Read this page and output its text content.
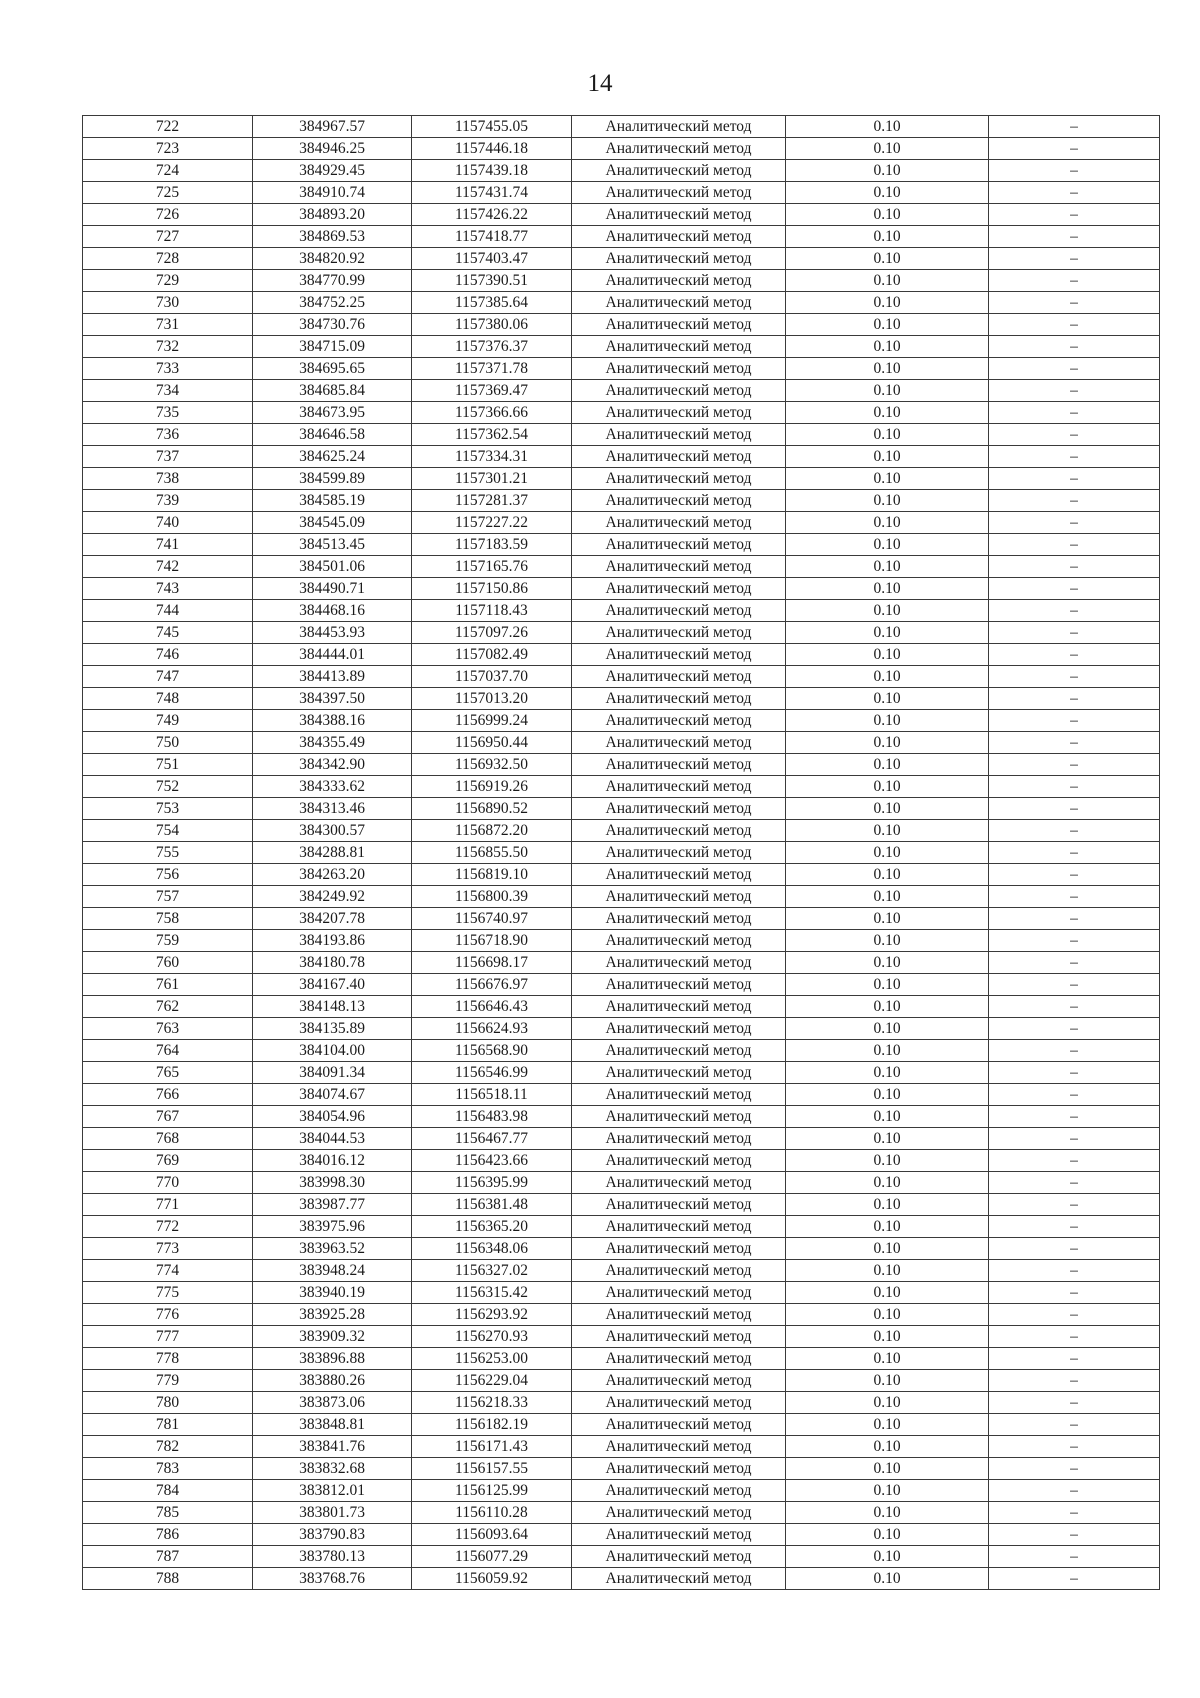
14
722	384967.57	1157455.05	Аналитический метод	0.10	–
723	384946.25	1157446.18	Аналитический метод	0.10	–
724	384929.45	1157439.18	Аналитический метод	0.10	–
725	384910.74	1157431.74	Аналитический метод	0.10	–
726	384893.20	1157426.22	Аналитический метод	0.10	–
727	384869.53	1157418.77	Аналитический метод	0.10	–
728	384820.92	1157403.47	Аналитический метод	0.10	–
729	384770.99	1157390.51	Аналитический метод	0.10	–
730	384752.25	1157385.64	Аналитический метод	0.10	–
731	384730.76	1157380.06	Аналитический метод	0.10	–
732	384715.09	1157376.37	Аналитический метод	0.10	–
733	384695.65	1157371.78	Аналитический метод	0.10	–
734	384685.84	1157369.47	Аналитический метод	0.10	–
735	384673.95	1157366.66	Аналитический метод	0.10	–
736	384646.58	1157362.54	Аналитический метод	0.10	–
737	384625.24	1157334.31	Аналитический метод	0.10	–
738	384599.89	1157301.21	Аналитический метод	0.10	–
739	384585.19	1157281.37	Аналитический метод	0.10	–
740	384545.09	1157227.22	Аналитический метод	0.10	–
741	384513.45	1157183.59	Аналитический метод	0.10	–
742	384501.06	1157165.76	Аналитический метод	0.10	–
743	384490.71	1157150.86	Аналитический метод	0.10	–
744	384468.16	1157118.43	Аналитический метод	0.10	–
745	384453.93	1157097.26	Аналитический метод	0.10	–
746	384444.01	1157082.49	Аналитический метод	0.10	–
747	384413.89	1157037.70	Аналитический метод	0.10	–
748	384397.50	1157013.20	Аналитический метод	0.10	–
749	384388.16	1156999.24	Аналитический метод	0.10	–
750	384355.49	1156950.44	Аналитический метод	0.10	–
751	384342.90	1156932.50	Аналитический метод	0.10	–
752	384333.62	1156919.26	Аналитический метод	0.10	–
753	384313.46	1156890.52	Аналитический метод	0.10	–
754	384300.57	1156872.20	Аналитический метод	0.10	–
755	384288.81	1156855.50	Аналитический метод	0.10	–
756	384263.20	1156819.10	Аналитический метод	0.10	–
757	384249.92	1156800.39	Аналитический метод	0.10	–
758	384207.78	1156740.97	Аналитический метод	0.10	–
759	384193.86	1156718.90	Аналитический метод	0.10	–
760	384180.78	1156698.17	Аналитический метод	0.10	–
761	384167.40	1156676.97	Аналитический метод	0.10	–
762	384148.13	1156646.43	Аналитический метод	0.10	–
763	384135.89	1156624.93	Аналитический метод	0.10	–
764	384104.00	1156568.90	Аналитический метод	0.10	–
765	384091.34	1156546.99	Аналитический метод	0.10	–
766	384074.67	1156518.11	Аналитический метод	0.10	–
767	384054.96	1156483.98	Аналитический метод	0.10	–
768	384044.53	1156467.77	Аналитический метод	0.10	–
769	384016.12	1156423.66	Аналитический метод	0.10	–
770	383998.30	1156395.99	Аналитический метод	0.10	–
771	383987.77	1156381.48	Аналитический метод	0.10	–
772	383975.96	1156365.20	Аналитический метод	0.10	–
773	383963.52	1156348.06	Аналитический метод	0.10	–
774	383948.24	1156327.02	Аналитический метод	0.10	–
775	383940.19	1156315.42	Аналитический метод	0.10	–
776	383925.28	1156293.92	Аналитический метод	0.10	–
777	383909.32	1156270.93	Аналитический метод	0.10	–
778	383896.88	1156253.00	Аналитический метод	0.10	–
779	383880.26	1156229.04	Аналитический метод	0.10	–
780	383873.06	1156218.33	Аналитический метод	0.10	–
781	383848.81	1156182.19	Аналитический метод	0.10	–
782	383841.76	1156171.43	Аналитический метод	0.10	–
783	383832.68	1156157.55	Аналитический метод	0.10	–
784	383812.01	1156125.99	Аналитический метод	0.10	–
785	383801.73	1156110.28	Аналитический метод	0.10	–
786	383790.83	1156093.64	Аналитический метод	0.10	–
787	383780.13	1156077.29	Аналитический метод	0.10	–
788	383768.76	1156059.92	Аналитический метод	0.10	–
